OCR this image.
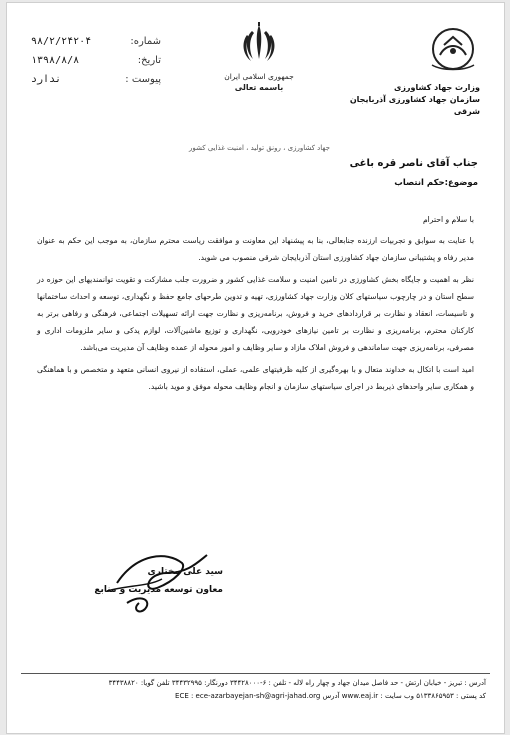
شماره:
۹۸/۲/۲۴۲۰۴
تاریخ:
۱۳۹۸/۸/۸
پیوست :
ندارد	جمهوری اسلامی ایران
باسمه تعالی	وزارت جهاد کشاورزی
سازمان جهاد کشاورزی آذربایجان شرقی
جهاد کشاورزی ، رونق تولید ، امنیت غذایی کشور
جناب آقای ناصر قره باغی
موضوع:حکم انتصاب

با سلام و احترام

با عنایت به سوابق و تجربیات ارزنده جنابعالی، بنا به پیشنهاد این معاونت و موافقت ریاست محترم سازمان، به موجب این حکم به عنوان مدیر رفاه و پشتیبانی سازمان جهاد کشاورزی استان آذربایجان شرقی منصوب می شوید.

نظر به اهمیت و جایگاه بخش کشاورزی در تامین امنیت و سلامت غذایی کشور و ضرورت جلب مشارکت و تقویت توانمندیهای این حوزه در سطح استان و در چارچوب سیاستهای کلان وزارت جهاد کشاورزی، تهیه و تدوین طرحهای جامع حفظ و نگهداری، توسعه و احداث ساختمانها و تاسیسات، انعقاد و نظارت بر قراردادهای خرید و فروش، برنامه‌ریزی و نظارت جهت ارائه تسهیلات اجتماعی، فرهنگی و رفاهی برتر به کارکنان محترم، برنامه‌ریزی و نظارت بر تامین نیازهای خودرویی، نگهداری و توزیع ماشین‌آلات، لوازم یدکی و سایر ملزومات اداری و مصرفی، برنامه‌ریزی جهت ساماندهی و فروش املاک مازاد و سایر وظایف و امور محوله از عمده وظایف آن مدیریت می‌باشد.

امید است با اتکال به خداوند متعال و با بهره‌گیری از کلیه ظرفیتهای علمی، عملی، استفاده از نیروی انسانی متعهد و متخصص و با هماهنگی و همکاری سایر واحدهای ذیربط در اجرای سیاستهای سازمان و انجام وظایف محوله موفق و موید باشید.

سید علی مختاری
معاون توسعه مدیریت و منابع
آدرس : تبریز - خیابان ارتش - حد فاصل میدان جهاد و چهار راه لاله - تلفن : ۶-۳۴۴۲۸۰۰۰ دورنگار: ۳۴۴۳۲۹۹۵ تلفن گویا: ۳۴۴۳۸۸۲۰
کد پستی : ۵۱۳۳۸۶۵۹۵۳ وب سایت : www.eaj.ir آدرس ECE : ece-azarbayejan-sh@agri-jahad.org
